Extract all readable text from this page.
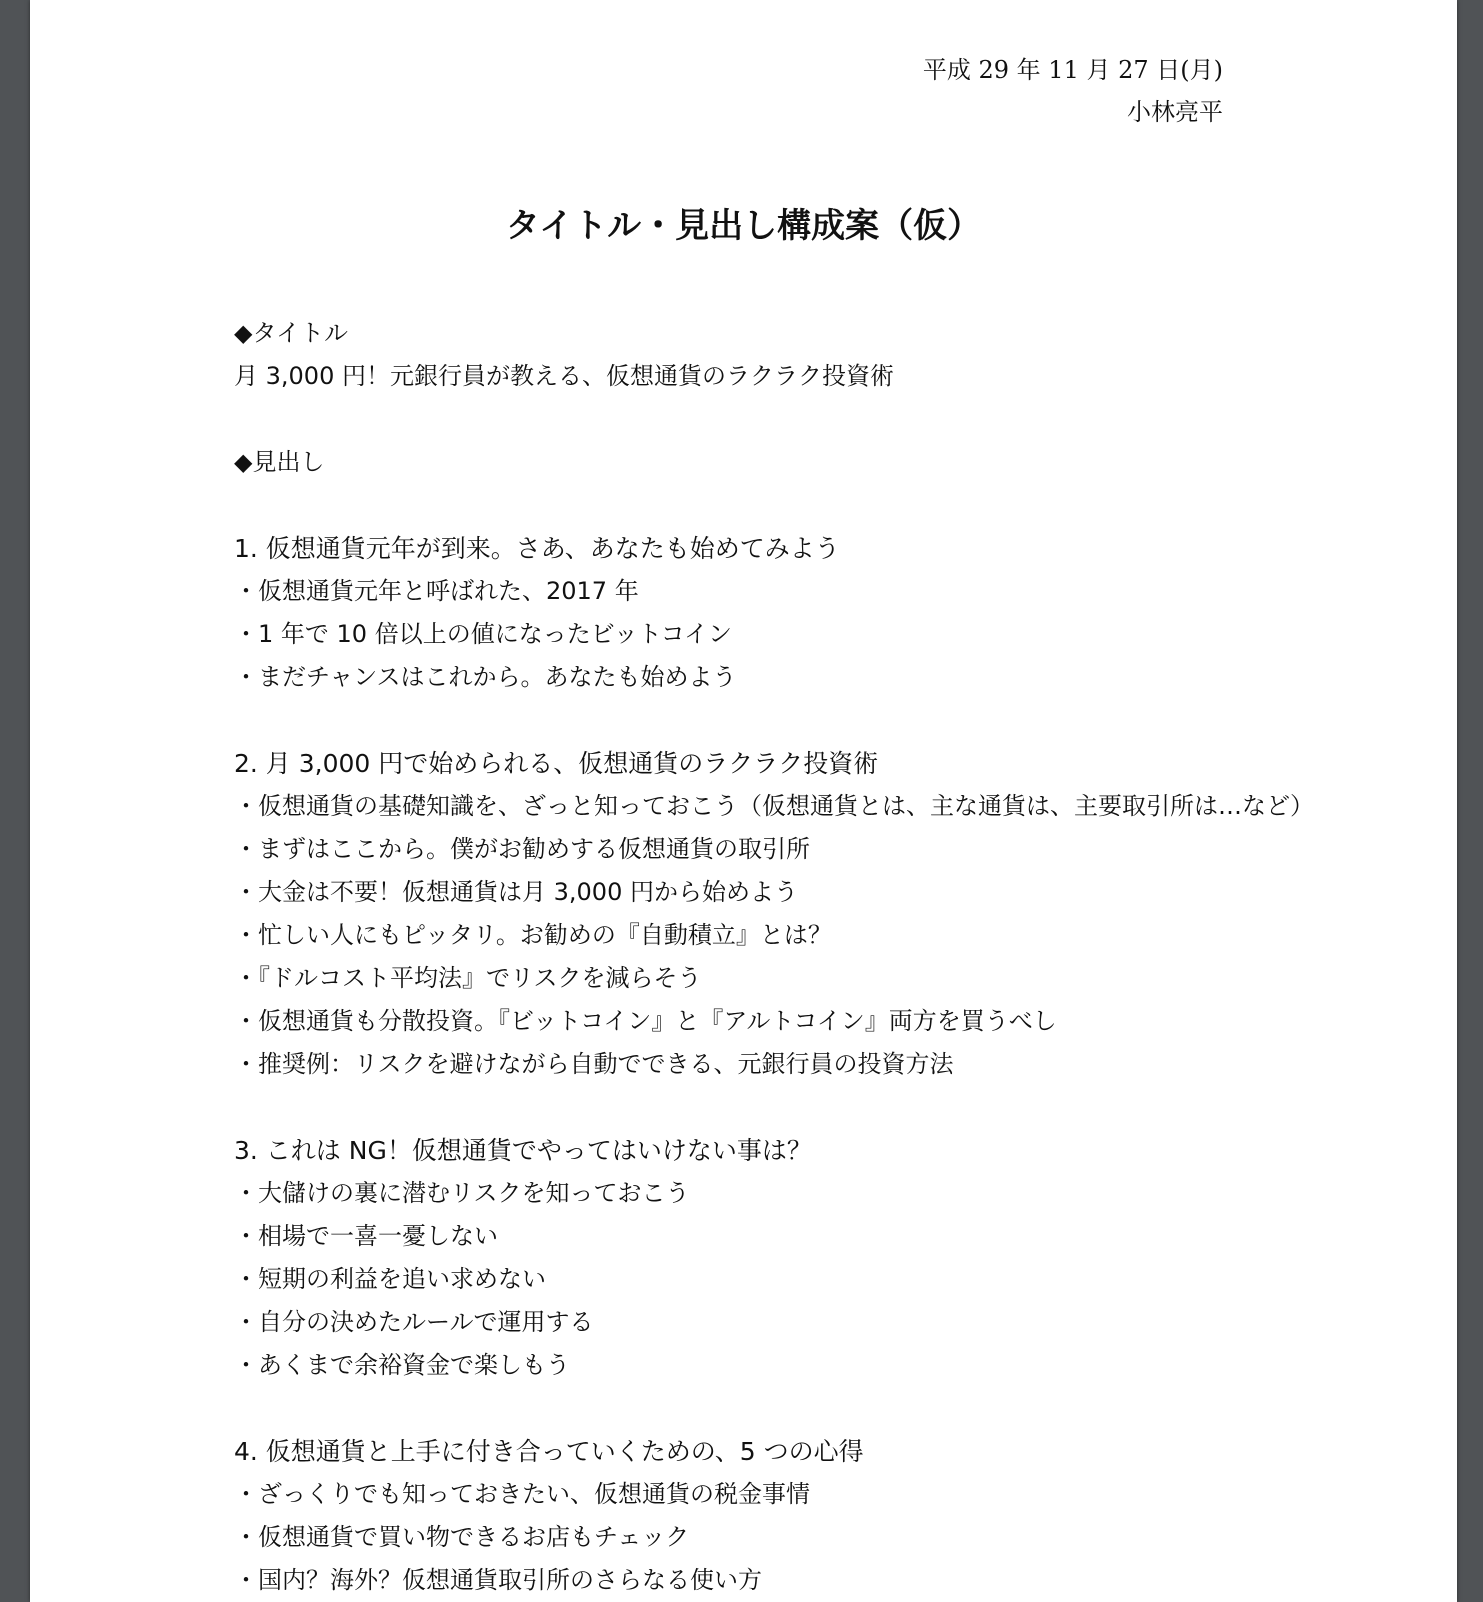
平成 29 年 11 月 27 日(月)
小林亮平
タイトル・見出し構成案（仮）
◆タイトル
月 3,000 円！元銀行員が教える、仮想通貨のラクラク投資術
◆見出し
1. 仮想通貨元年が到来。さあ、あなたも始めてみよう
・仮想通貨元年と呼ばれた、2017 年
・1 年で 10 倍以上の値になったビットコイン
・まだチャンスはこれから。あなたも始めよう
2. 月 3,000 円で始められる、仮想通貨のラクラク投資術
・仮想通貨の基礎知識を、ざっと知っておこう（仮想通貨とは、主な通貨は、主要取引所は…など）
・まずはここから。僕がお勧めする仮想通貨の取引所
・大金は不要！仮想通貨は月 3,000 円から始めよう
・忙しい人にもピッタリ。お勧めの『自動積立』とは？
・『ドルコスト平均法』でリスクを減らそう
・仮想通貨も分散投資。『ビットコイン』と『アルトコイン』両方を買うべし
・推奨例：リスクを避けながら自動でできる、元銀行員の投資方法
3. これは NG！仮想通貨でやってはいけない事は？
・大儲けの裏に潜むリスクを知っておこう
・相場で一喜一憂しない
・短期の利益を追い求めない
・自分の決めたルールで運用する
・あくまで余裕資金で楽しもう
4. 仮想通貨と上手に付き合っていくための、5 つの心得
・ざっくりでも知っておきたい、仮想通貨の税金事情
・仮想通貨で買い物できるお店もチェック
・国内？海外？仮想通貨取引所のさらなる使い方
